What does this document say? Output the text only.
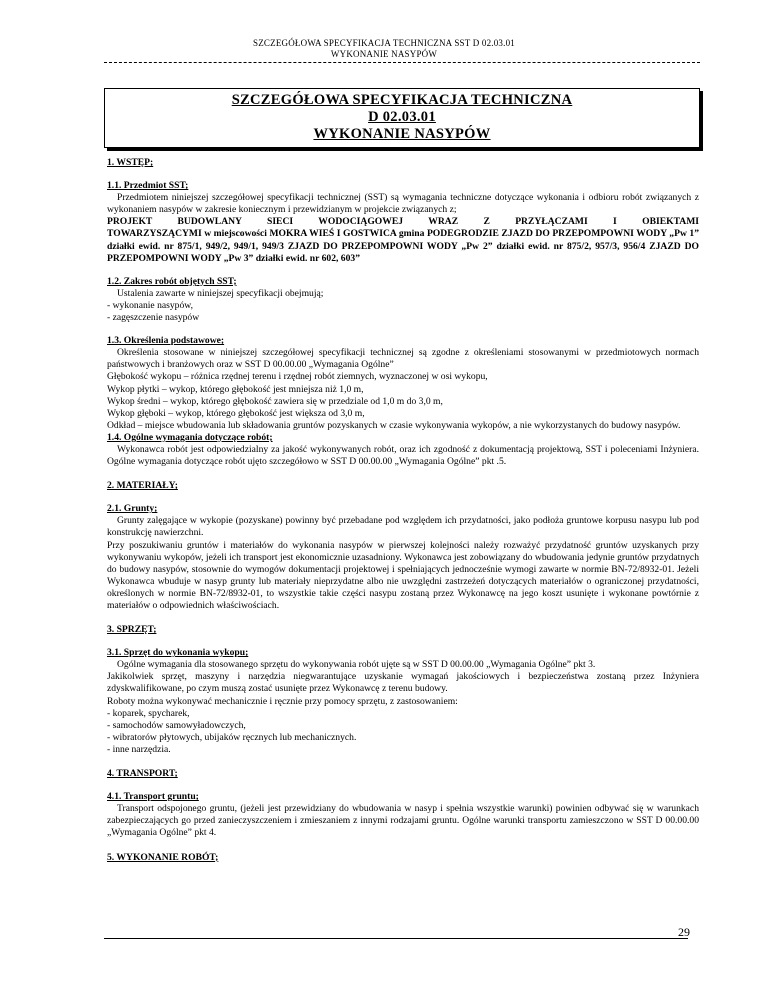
SZCZEGÓŁOWA SPECYFIKACJA TECHNICZNA SST D 02.03.01
WYKONANIE NASYPÓW
SZCZEGÓŁOWA SPECYFIKACJA TECHNICZNA
D 02.03.01
WYKONANIE NASYPÓW
1. WSTĘP;
1.1. Przedmiot SST;
Przedmiotem niniejszej szczegółowej specyfikacji technicznej (SST) są wymagania techniczne dotyczące wykonania i odbioru robót związanych z wykonaniem nasypów w zakresie koniecznym i przewidzianym w projekcie związanych z;
PROJEKT BUDOWLANY SIECI WODOCIĄGOWEJ WRAZ Z PRZYŁĄCZAMI I OBIEKTAMI
TOWARZYSZĄCYMI w miejscowości MOKRA WIEŚ I GOSTWICA gmina PODEGRODZIE ZJAZD DO PRZEPOMPOWNI WODY „Pw 1” działki ewid. nr 875/1, 949/2, 949/1, 949/3 ZJAZD DO PRZEPOMPOWNI WODY „Pw 2” działki ewid. nr 875/2, 957/3, 956/4 ZJAZD DO PRZEPOMPOWNI WODY „Pw 3” działki ewid. nr 602, 603”
1.2. Zakres robót objętych SST;
Ustalenia zawarte w niniejszej specyfikacji obejmują;
- wykonanie nasypów,
- zagęszczenie nasypów
1.3. Określenia podstawowe;
Określenia stosowane w niniejszej szczegółowej specyfikacji technicznej są zgodne z określeniami stosowanymi w przedmiotowych normach państwowych i branżowych oraz w SST D 00.00.00 „Wymagania Ogólne”
Głębokość wykopu – różnica rzędnej terenu i rzędnej robót ziemnych, wyznaczonej w osi wykopu,
Wykop płytki – wykop, którego głębokość jest mniejsza niż 1,0 m,
Wykop średni – wykop, którego głębokość zawiera się w przedziale od 1,0 m do 3,0 m,
Wykop głęboki – wykop, którego głębokość jest większa od 3,0 m,
Odkład – miejsce wbudowania lub składowania gruntów pozyskanych w czasie wykonywania wykopów, a nie wykorzystanych do budowy nasypów.
1.4. Ogólne wymagania dotyczące robót;
Wykonawca robót jest odpowiedzialny za jakość wykonywanych robót, oraz ich zgodność z dokumentacją projektową, SST i poleceniami Inżyniera. Ogólne wymagania dotyczące robót ujęto szczegółowo w SST D 00.00.00 „Wymagania Ogólne” pkt .5.
2. MATERIAŁY;
2.1. Grunty;
Grunty zalęgające w wykopie (pozyskane) powinny być przebadane pod względem ich przydatności, jako podłoża gruntowe korpusu nasypu lub pod konstrukcję nawierzchni.
Przy poszukiwaniu gruntów i materiałów do wykonania nasypów w pierwszej kolejności należy rozważyć przydatność gruntów uzyskanych przy wykonywaniu wykopów, jeżeli ich transport jest ekonomicznie uzasadniony. Wykonawca jest zobowiązany do wbudowania jedynie gruntów przydatnych do budowy nasypów, stosownie do wymogów dokumentacji projektowej i spełniających jednocześnie wymogi zawarte w normie BN-72/8932-01. Jeżeli Wykonawca wbuduje w nasyp grunty lub materiały nieprzydatne albo nie uwzględni zastrzeżeń dotyczących materiałów o ograniczonej przydatności, określonych w normie BN-72/8932-01, to wszystkie takie części nasypu zostaną przez Wykonawcę na jego koszt usunięte i wykonane powtórnie z materiałów o odpowiednich właściwościach.
3. SPRZĘT;
3.1. Sprzęt do wykonania wykopu;
Ogólne wymagania dla stosowanego sprzętu do wykonywania robót ujęte są w SST D 00.00.00 „Wymagania Ogólne” pkt 3.
Jakikolwiek sprzęt, maszyny i narzędzia niegwarantujące uzyskanie wymagań jakościowych i bezpieczeństwa zostaną przez Inżyniera zdyskwalifikowane, po czym muszą zostać usunięte przez Wykonawcę z terenu budowy.
Roboty można wykonywać mechanicznie i ręcznie przy pomocy sprzętu, z zastosowaniem:
- koparek, spycharek,
- samochodów samowyładowczych,
- wibratorów płytowych, ubijaków ręcznych lub mechanicznych.
- inne narzędzia.
4. TRANSPORT;
4.1. Transport gruntu;
Transport odspojonego gruntu, (jeżeli jest przewidziany do wbudowania w nasyp i spełnia wszystkie warunki) powinien odbywać się w warunkach zabezpieczających go przed zanieczyszczeniem i zmieszaniem z innymi rodzajami gruntu. Ogólne warunki transportu zamieszczono w SST D 00.00.00 „Wymagania Ogólne” pkt 4.
5. WYKONANIE ROBÓT;
29
